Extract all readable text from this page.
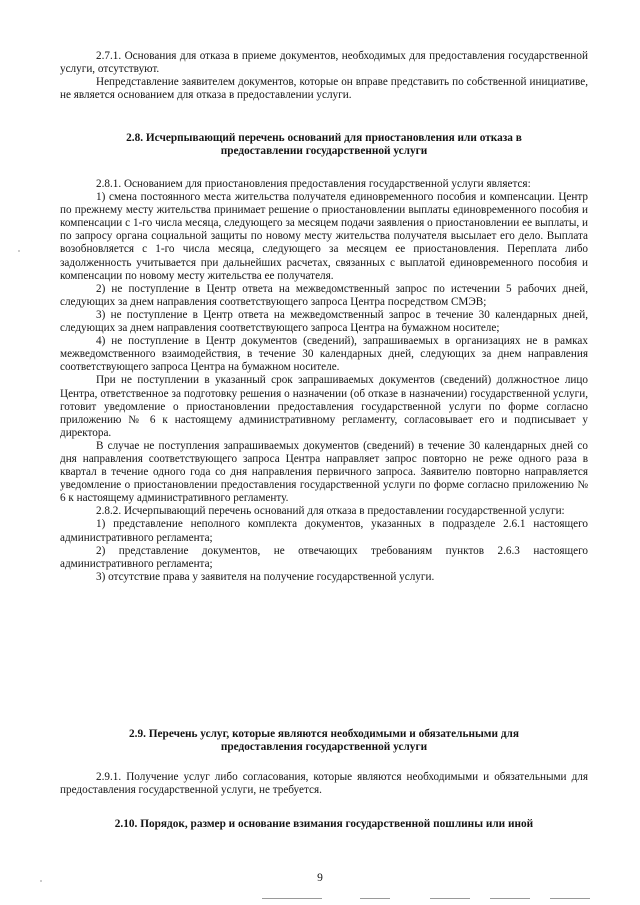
2.7.1. Основания для отказа в приеме документов, необходимых для предоставления государственной услуги, отсутствуют.

Непредставление заявителем документов, которые он вправе представить по собственной инициативе, не является основанием для отказа в предоставлении услуги.

2.8. Исчерпывающий перечень оснований для приостановления или отказа в предоставлении государственной услуги

2.8.1. Основанием для приостановления предоставления государственной услуги является:

1) смена постоянного места жительства получателя единовременного пособия и компенсации. Центр по прежнему месту жительства принимает решение о приостановлении выплаты единовременного пособия и компенсации с 1-го числа месяца, следующего за месяцем подачи заявления о приостановлении ее выплаты, и по запросу органа социальной защиты по новому месту жительства получателя высылает его дело. Выплата возобновляется с 1-го числа месяца, следующего за месяцем ее приостановления. Переплата либо задолженность учитывается при дальнейших расчетах, связанных с выплатой единовременного пособия и компенсации по новому месту жительства ее получателя.

2) не поступление в Центр ответа на межведомственный запрос по истечении 5 рабочих дней, следующих за днем направления соответствующего запроса Центра посредством СМЭВ;

3) не поступление в Центр ответа на межведомственный запрос в течение 30 календарных дней, следующих за днем направления соответствующего запроса Центра на бумажном носителе;

4) не поступление в Центр документов (сведений), запрашиваемых в организациях не в рамках межведомственного взаимодействия, в течение 30 календарных дней, следующих за днем направления соответствующего запроса Центра на бумажном носителе.

При не поступлении в указанный срок запрашиваемых документов (сведений) должностное лицо Центра, ответственное за подготовку решения о назначении (об отказе в назначении) государственной услуги, готовит уведомление о приостановлении предоставления государственной услуги по форме согласно приложению № 6 к настоящему административному регламенту, согласовывает его и подписывает у директора.

В случае не поступления запрашиваемых документов (сведений) в течение 30 календарных дней со дня направления соответствующего запроса Центра направляет запрос повторно не реже одного раза в квартал в течение одного года со дня направления первичного запроса. Заявителю повторно направляется уведомление о приостановлении предоставления государственной услуги по форме согласно приложению № 6 к настоящему административного регламенту.

2.8.2. Исчерпывающий перечень оснований для отказа в предоставлении государственной услуги:

1) представление неполного комплекта документов, указанных в подразделе 2.6.1 настоящего административного регламента;

2) представление документов, не отвечающих требованиям пунктов 2.6.3 настоящего административного регламента;

3) отсутствие права у заявителя на получение государственной услуги.

2.9. Перечень услуг, которые являются необходимыми и обязательными для предоставления государственной услуги

2.9.1. Получение услуг либо согласования, которые являются необходимыми и обязательными для предоставления государственной услуги, не требуется.

2.10. Порядок, размер и основание взимания государственной пошлины или иной
9
